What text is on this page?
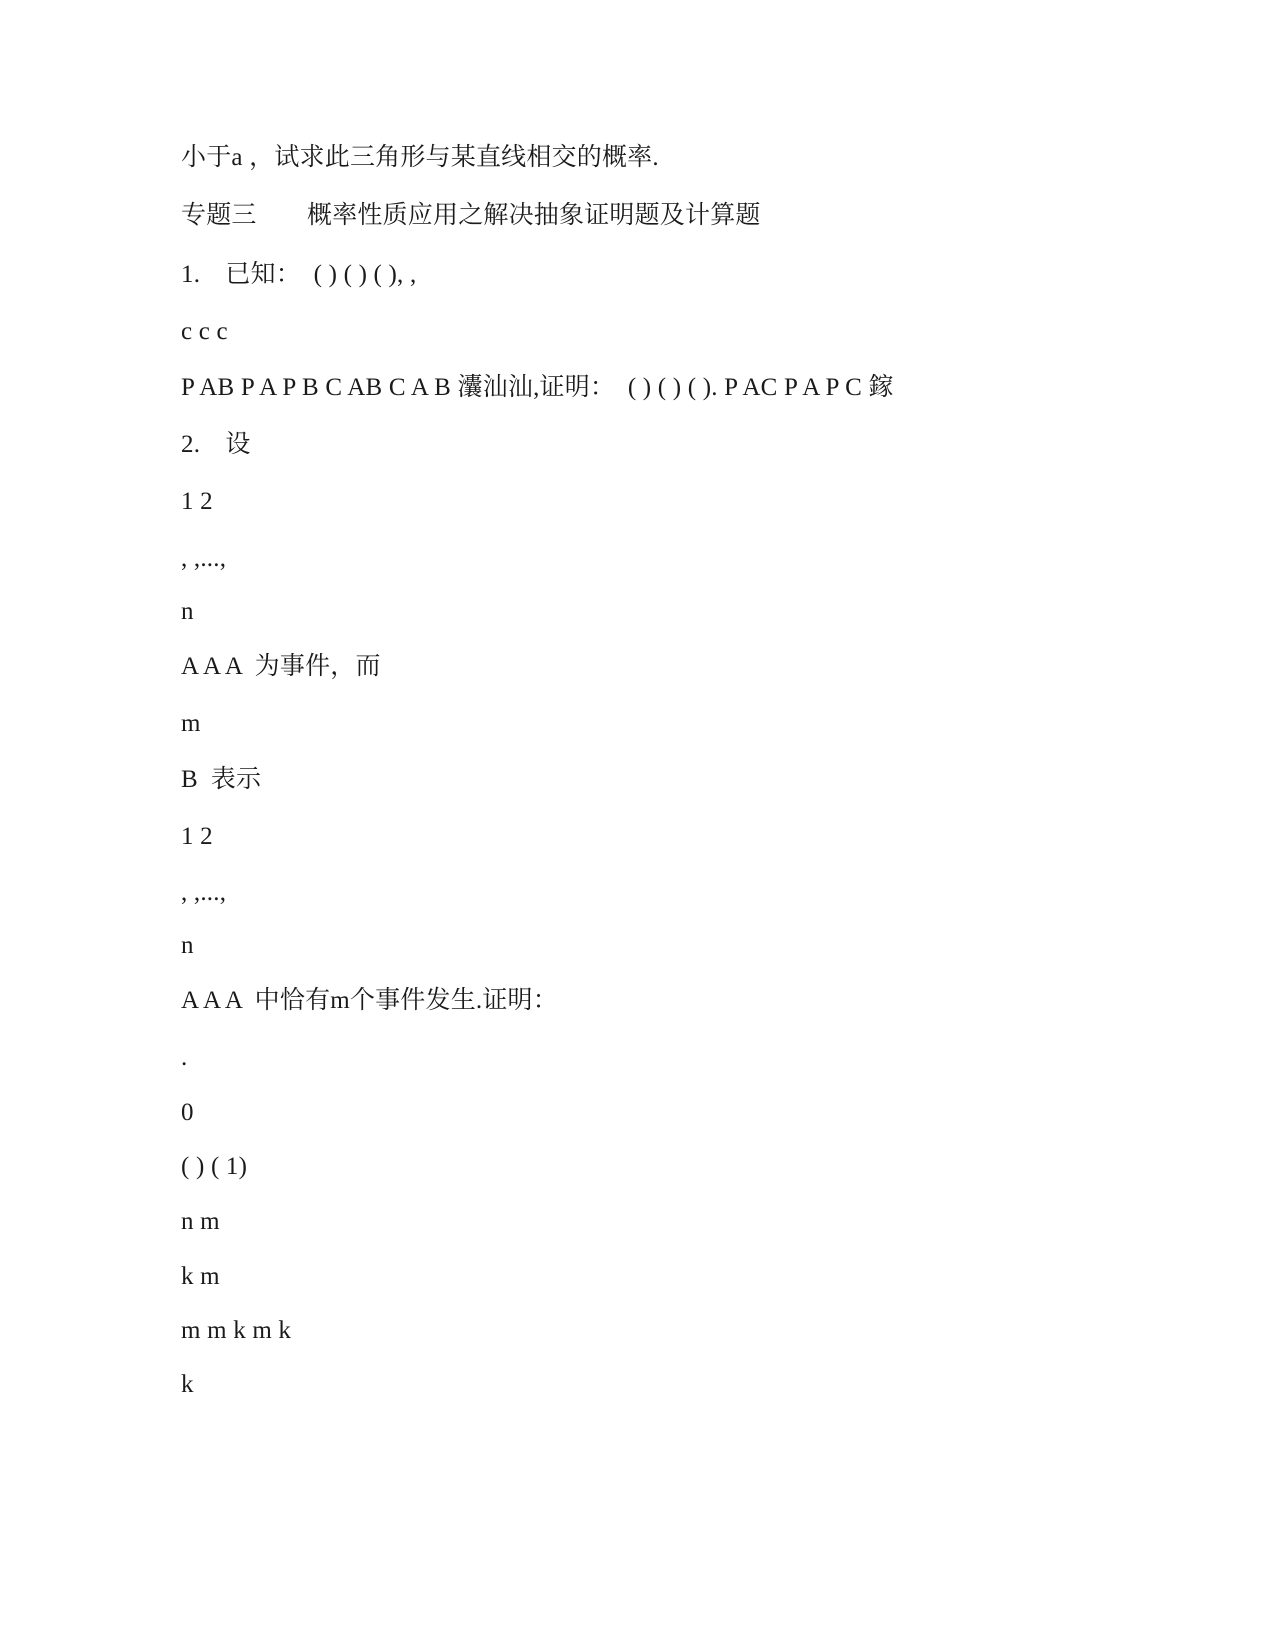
小于a ，试求此三角形与某直线相交的概率.
专题三　　概率性质应用之解决抽象证明题及计算题
1.　已知：　( ) ( ) ( ), ,
c c c
P AB P A P B C AB C A B 灢汕汕,证明：　( ) ( ) ( ). P AC P A P C 鎵
2.　设
1 2
, ,...,
n
A A A  为事件，而
m
B  表示
1 2
, ,...,
n
A A A  中恰有m个事件发生.证明：
.
0
( ) ( 1)
n m
k m
m m k m k
k
